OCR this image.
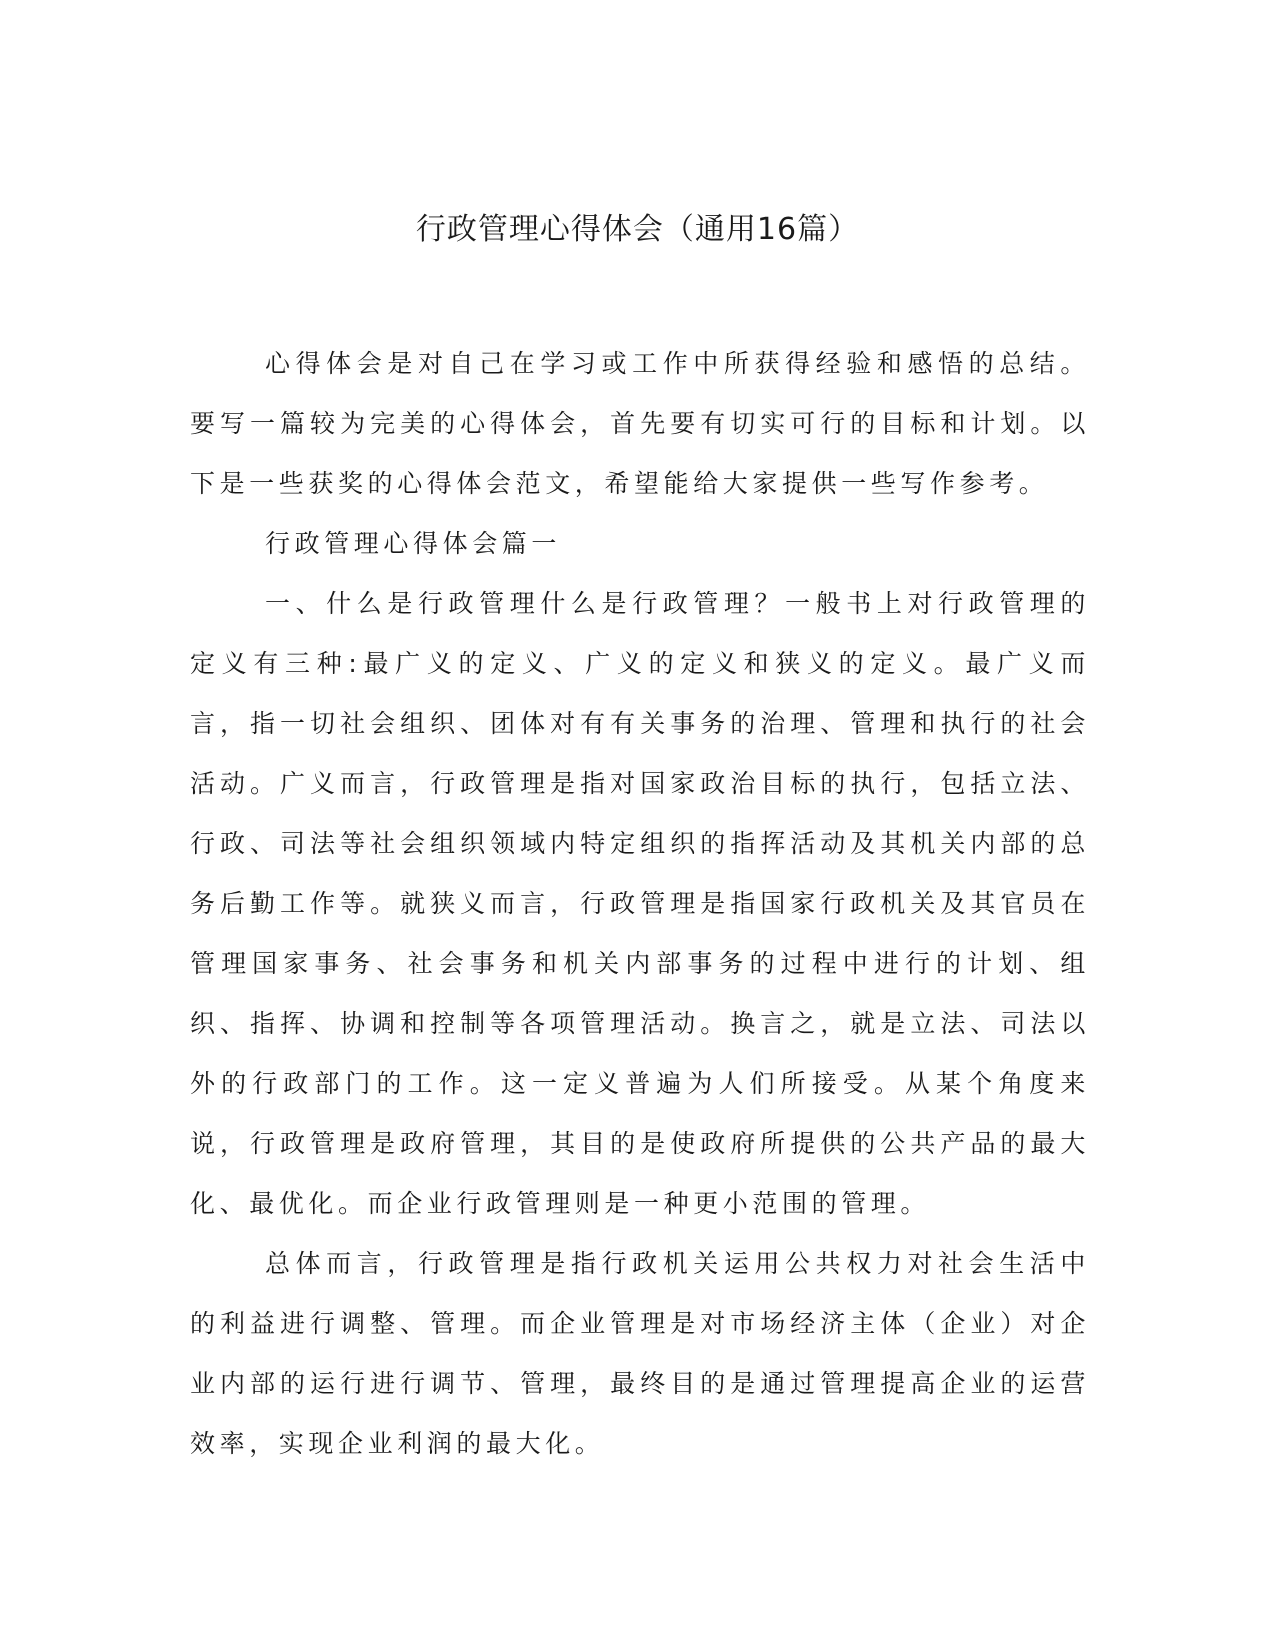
行政管理心得体会（通用16篇）

心得体会是对自己在学习或工作中所获得经验和感悟的总结。要写一篇较为完美的心得体会，首先要有切实可行的目标和计划。以下是一些获奖的心得体会范文，希望能给大家提供一些写作参考。

行政管理心得体会篇一

一、什么是行政管理什么是行政管理？一般书上对行政管理的定义有三种:最广义的定义、广义的定义和狭义的定义。最广义而言，指一切社会组织、团体对有有关事务的治理、管理和执行的社会活动。广义而言，行政管理是指对国家政治目标的执行，包括立法、行政、司法等社会组织领域内特定组织的指挥活动及其机关内部的总务后勤工作等。就狭义而言，行政管理是指国家行政机关及其官员在管理国家事务、社会事务和机关内部事务的过程中进行的计划、组织、指挥、协调和控制等各项管理活动。换言之，就是立法、司法以外的行政部门的工作。这一定义普遍为人们所接受。从某个角度来说，行政管理是政府管理，其目的是使政府所提供的公共产品的最大化、最优化。而企业行政管理则是一种更小范围的管理。

总体而言，行政管理是指行政机关运用公共权力对社会生活中的利益进行调整、管理。而企业管理是对市场经济主体（企业）对企业内部的运行进行调节、管理，最终目的是通过管理提高企业的运营效率，实现企业利润的最大化。
